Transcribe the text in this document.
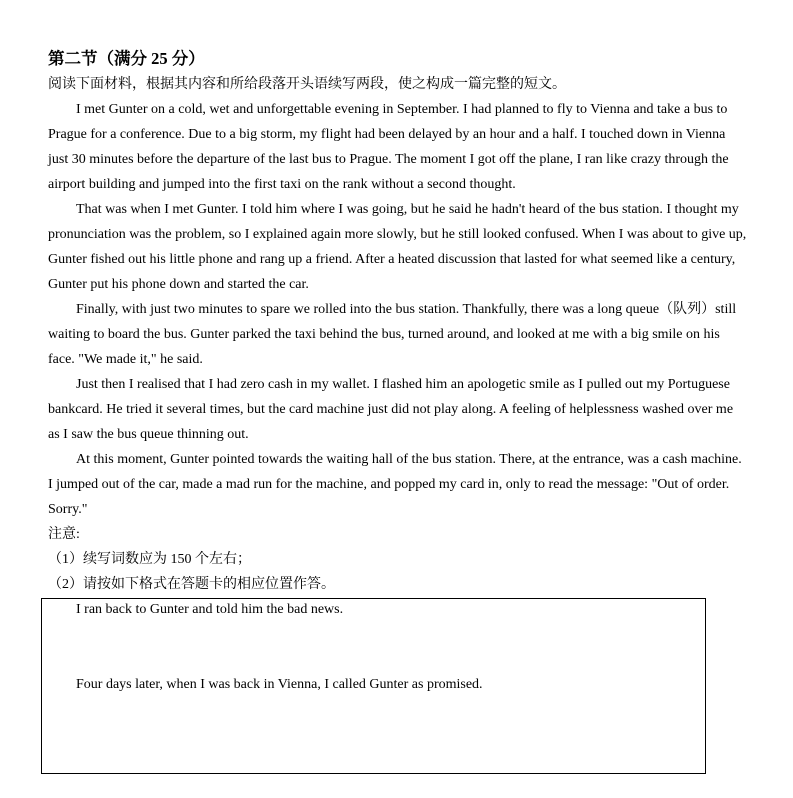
第二节（满分 25 分）
阅读下面材料，根据其内容和所给段落开头语续写两段，使之构成一篇完整的短文。
I met Gunter on a cold, wet and unforgettable evening in September. I had planned to fly to Vienna and take a bus to
Prague for a conference. Due to a big storm, my flight had been delayed by an hour and a half. I touched down in Vienna
just 30 minutes before the departure of the last bus to Prague. The moment I got off the plane, I ran like crazy through the
airport building and jumped into the first taxi on the rank without a second thought.
That was when I met Gunter. I told him where I was going, but he said he hadn't heard of the bus station. I thought my
pronunciation was the problem, so I explained again more slowly, but he still looked confused. When I was about to give up,
Gunter fished out his little phone and rang up a friend. After a heated discussion that lasted for what seemed like a century,
Gunter put his phone down and started the car.
Finally, with just two minutes to spare we rolled into the bus station. Thankfully, there was a long queue（队列）still
waiting to board the bus. Gunter parked the taxi behind the bus, turned around, and looked at me with a big smile on his
face. "We made it," he said.
Just then I realised that I had zero cash in my wallet. I flashed him an apologetic smile as I pulled out my Portuguese
bankcard. He tried it several times, but the card machine just did not play along. A feeling of helplessness washed over me
as I saw the bus queue thinning out.
At this moment, Gunter pointed towards the waiting hall of the bus station. There, at the entrance, was a cash machine.
I jumped out of the car, made a mad run for the machine, and popped my card in, only to read the message: "Out of order.
Sorry."
注意:
（1）续写词数应为 150 个左右；
（2）请按如下格式在答题卡的相应位置作答。
I ran back to Gunter and told him the bad news.
Four days later, when I was back in Vienna, I called Gunter as promised.
